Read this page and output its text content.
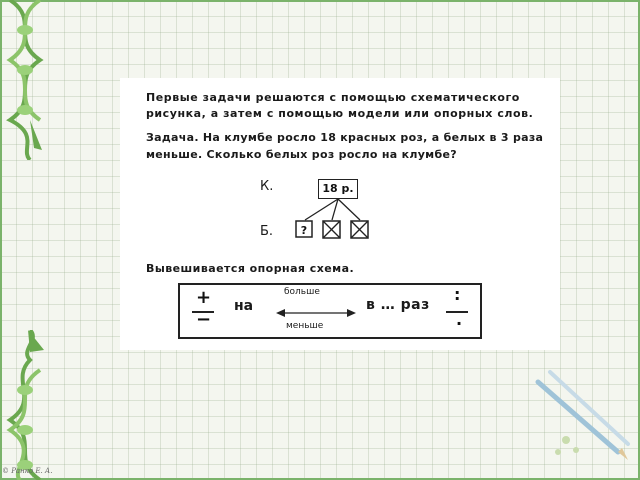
Первые задачи решаются с помощью схематического
рисунка, а затем с помощью модели или опорных слов.
Задача. На клумбе росло 18 красных роз, а белых в 3 раза
меньше. Сколько белых роз росло на клумбе?
К.
Б.	?
18 р.
Вывешивается опорная схема.
+
−
на
больше
меньше
в … раз
:
.
© Ранко Е. А.
